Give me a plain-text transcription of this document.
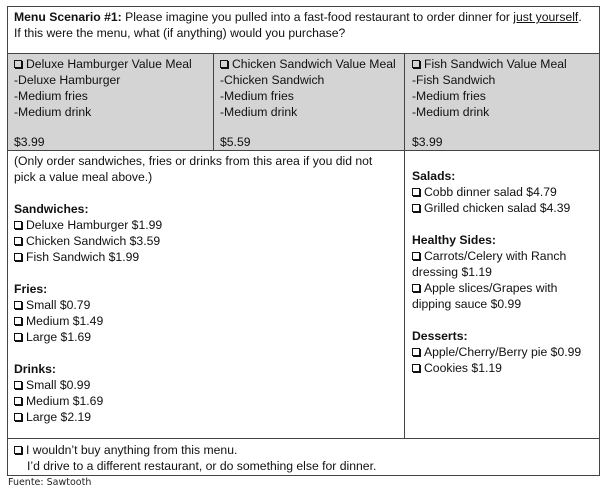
Menu Scenario #1: Please imagine you pulled into a fast-food restaurant to order dinner for just yourself.
If this were the menu, what (if anything) would you purchase?
Deluxe Hamburger Value Meal
-Deluxe Hamburger
-Medium fries
-Medium drink
$3.99
Chicken Sandwich Value Meal
-Chicken Sandwich
-Medium fries
-Medium drink
$5.59
Fish Sandwich Value Meal
-Fish Sandwich
-Medium fries
-Medium drink
$3.99
(Only order sandwiches, fries or drinks from this area if you did not
pick a value meal above.)
Sandwiches:
Deluxe Hamburger $1.99
Chicken Sandwich $3.59
Fish Sandwich $1.99
Fries:
Small $0.79
Medium $1.49
Large $1.69
Drinks:
Small $0.99
Medium $1.69
Large $2.19
Salads:
Cobb dinner salad $4.79
Grilled chicken salad $4.39
Healthy Sides:
Carrots/Celery with Ranch
dressing $1.19
Apple slices/Grapes with
dipping sauce $0.99
Desserts:
Apple/Cherry/Berry pie $0.99
Cookies $1.19
I wouldn’t buy anything from this menu.
I’d drive to a different restaurant, or do something else for dinner.
Fuente: Sawtooth
